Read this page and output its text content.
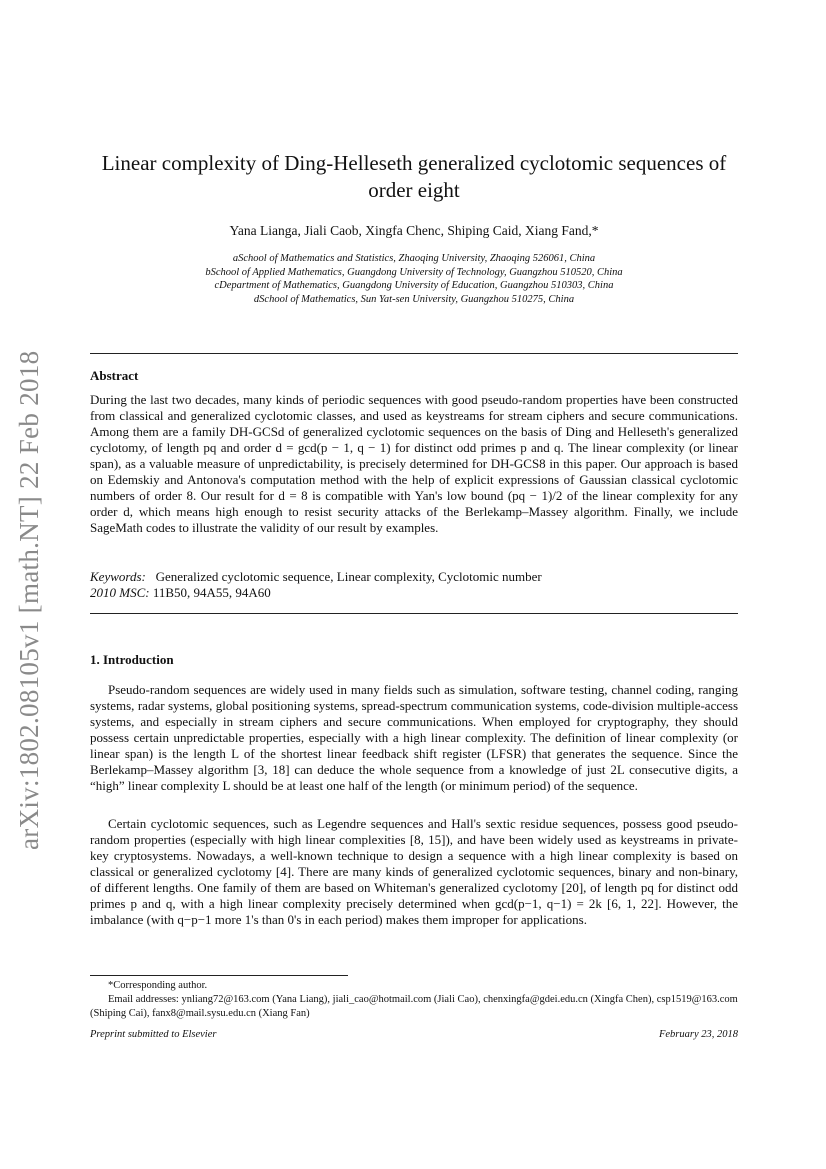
arXiv:1802.08105v1 [math.NT] 22 Feb 2018
Linear complexity of Ding-Helleseth generalized cyclotomic sequences of order eight
Yana Lianga, Jiali Caob, Xingfa Chenc, Shiping Caid, Xiang Fand,*
aSchool of Mathematics and Statistics, Zhaoqing University, Zhaoqing 526061, China
bSchool of Applied Mathematics, Guangdong University of Technology, Guangzhou 510520, China
cDepartment of Mathematics, Guangdong University of Education, Guangzhou 510303, China
dSchool of Mathematics, Sun Yat-sen University, Guangzhou 510275, China
Abstract
During the last two decades, many kinds of periodic sequences with good pseudo-random properties have been constructed from classical and generalized cyclotomic classes, and used as keystreams for stream ciphers and secure communications. Among them are a family DH-GCSd of generalized cyclotomic sequences on the basis of Ding and Helleseth's generalized cyclotomy, of length pq and order d = gcd(p − 1, q − 1) for distinct odd primes p and q. The linear complexity (or linear span), as a valuable measure of unpredictability, is precisely determined for DH-GCS8 in this paper. Our approach is based on Edemskiy and Antonova's computation method with the help of explicit expressions of Gaussian classical cyclotomic numbers of order 8. Our result for d = 8 is compatible with Yan's low bound (pq − 1)/2 of the linear complexity for any order d, which means high enough to resist security attacks of the Berlekamp–Massey algorithm. Finally, we include SageMath codes to illustrate the validity of our result by examples.
Keywords: Generalized cyclotomic sequence, Linear complexity, Cyclotomic number
2010 MSC: 11B50, 94A55, 94A60
1. Introduction
Pseudo-random sequences are widely used in many fields such as simulation, software testing, channel coding, ranging systems, radar systems, global positioning systems, spread-spectrum communication systems, code-division multiple-access systems, and especially in stream ciphers and secure communications. When employed for cryptography, they should possess certain unpredictable properties, especially with a high linear complexity. The definition of linear complexity (or linear span) is the length L of the shortest linear feedback shift register (LFSR) that generates the sequence. Since the Berlekamp–Massey algorithm [3, 18] can deduce the whole sequence from a knowledge of just 2L consecutive digits, a “high” linear complexity L should be at least one half of the length (or minimum period) of the sequence.
Certain cyclotomic sequences, such as Legendre sequences and Hall's sextic residue sequences, possess good pseudo-random properties (especially with high linear complexities [8, 15]), and have been widely used as keystreams in private-key cryptosystems. Nowadays, a well-known technique to design a sequence with a high linear complexity is based on classical or generalized cyclotomy [4]. There are many kinds of generalized cyclotomic sequences, binary and non-binary, of different lengths. One family of them are based on Whiteman's generalized cyclotomy [20], of length pq for distinct odd primes p and q, with a high linear complexity precisely determined when gcd(p−1, q−1) = 2k [6, 1, 22]. However, the imbalance (with q−p−1 more 1's than 0's in each period) makes them improper for applications.
*Corresponding author.
Email addresses: ynliang72@163.com (Yana Liang), jiali_cao@hotmail.com (Jiali Cao), chenxingfa@gdei.edu.cn (Xingfa Chen), csp1519@163.com (Shiping Cai), fanx8@mail.sysu.edu.cn (Xiang Fan)
Preprint submitted to Elsevier	February 23, 2018
